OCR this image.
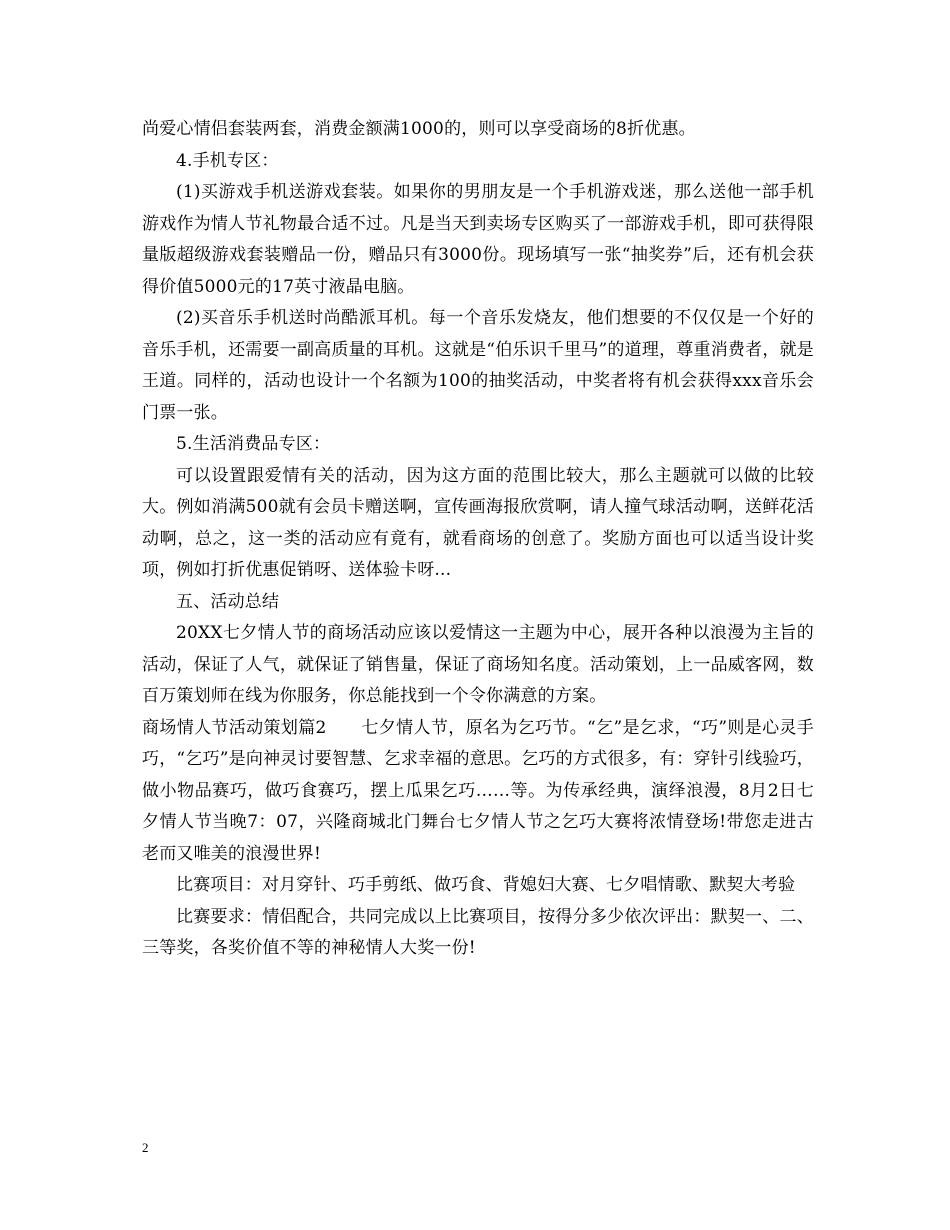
尚爱心情侣套装两套，消费金额满1000的，则可以享受商场的8折优惠。

4.手机专区：

(1)买游戏手机送游戏套装。如果你的男朋友是一个手机游戏迷，那么送他一部手机游戏作为情人节礼物最合适不过。凡是当天到卖场专区购买了一部游戏手机，即可获得限量版超级游戏套装赠品一份，赠品只有3000份。现场填写一张“抽奖券”后，还有机会获得价值5000元的17英寸液晶电脑。

(2)买音乐手机送时尚酷派耳机。每一个音乐发烧友，他们想要的不仅仅是一个好的音乐手机，还需要一副高质量的耳机。这就是“伯乐识千里马”的道理，尊重消费者，就是王道。同样的，活动也设计一个名额为100的抽奖活动，中奖者将有机会获得xxx音乐会门票一张。

5.生活消费品专区：

可以设置跟爱情有关的活动，因为这方面的范围比较大，那么主题就可以做的比较大。例如消满500就有会员卡赠送啊，宣传画海报欣赏啊，请人撞气球活动啊，送鲜花活动啊，总之，这一类的活动应有竟有，就看商场的创意了。奖励方面也可以适当设计奖项，例如打折优惠促销呀、送体验卡呀...

五、活动总结

20XX七夕情人节的商场活动应该以爱情这一主题为中心，展开各种以浪漫为主旨的活动，保证了人气，就保证了销售量，保证了商场知名度。活动策划，上一品威客网，数百万策划师在线为你服务，你总能找到一个令你满意的方案。

商场情人节活动策划篇2　　七夕情人节，原名为乞巧节。“乞”是乞求，“巧”则是心灵手巧，“乞巧”是向神灵讨要智慧、乞求幸福的意思。乞巧的方式很多，有：穿针引线验巧，做小物品赛巧，做巧食赛巧，摆上瓜果乞巧……等。为传承经典，演绎浪漫，8月2日七夕情人节当晚7：07，兴隆商城北门舞台七夕情人节之乞巧大赛将浓情登场!带您走进古老而又唯美的浪漫世界!

比赛项目：对月穿针、巧手剪纸、做巧食、背媳妇大赛、七夕唱情歌、默契大考验

比赛要求：情侣配合，共同完成以上比赛项目，按得分多少依次评出：默契一、二、三等奖，各奖价值不等的神秘情人大奖一份!

2
